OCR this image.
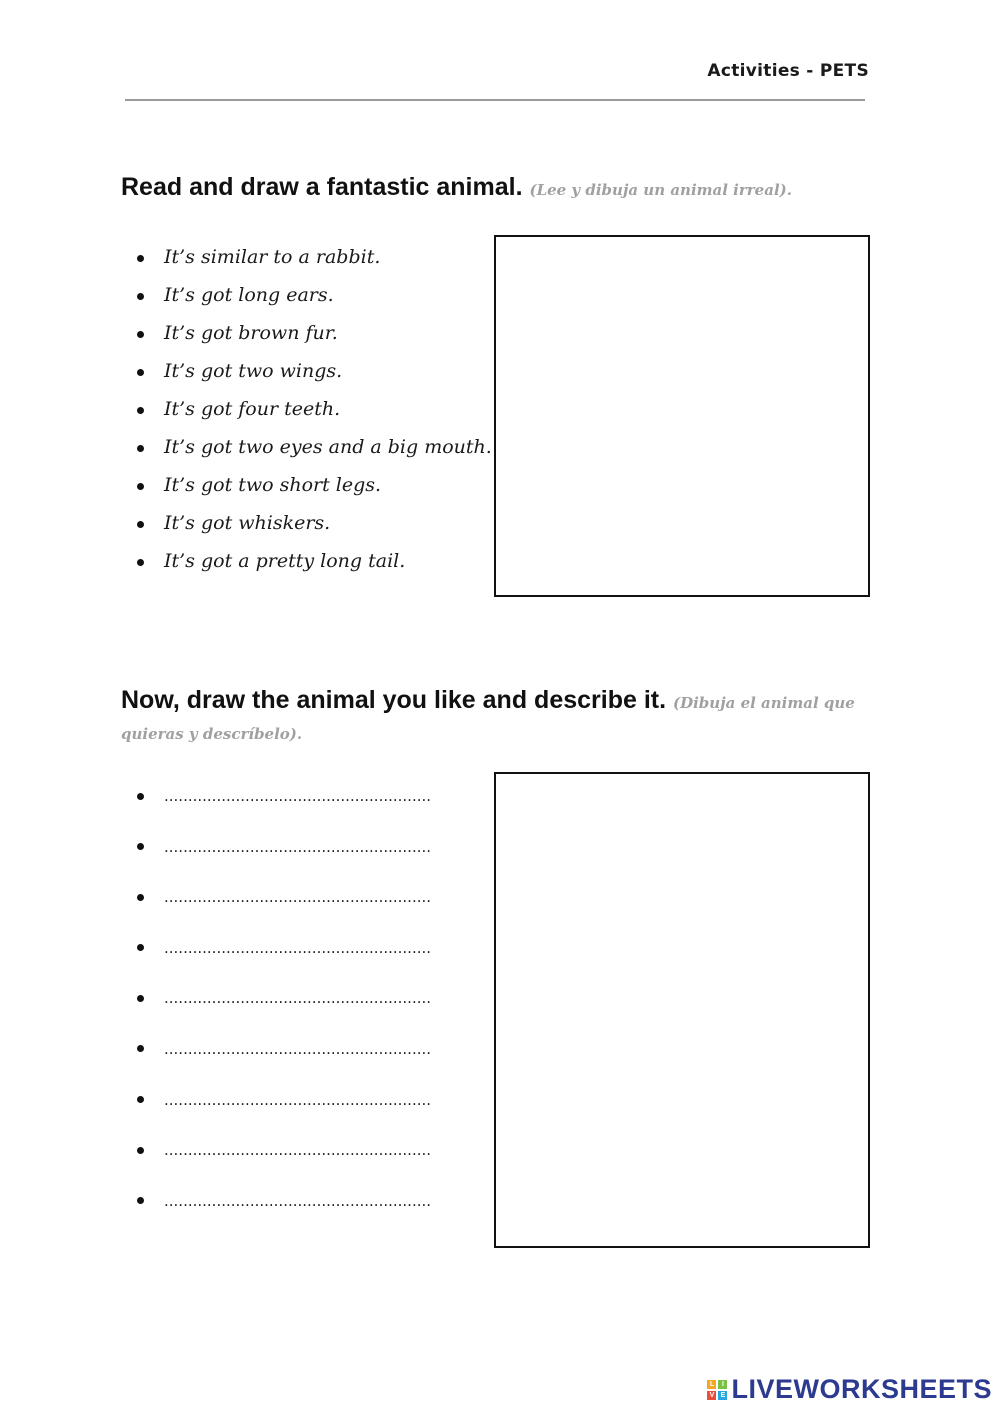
Activities - PETS
Read and draw a fantastic animal. (Lee y dibuja un animal irreal).
It’s similar to a rabbit.
It’s got long ears.
It’s got brown fur.
It’s got two wings.
It’s got four teeth.
It’s got two eyes and a big mouth.
It’s got two short legs.
It’s got whiskers.
It’s got a pretty long tail.
Now, draw the animal you like and describe it. (Dibuja el animal que quieras y descríbelo).
........................................................
........................................................
........................................................
........................................................
........................................................
........................................................
........................................................
........................................................
........................................................
L	I
V E LIVEWORKSHEETS
